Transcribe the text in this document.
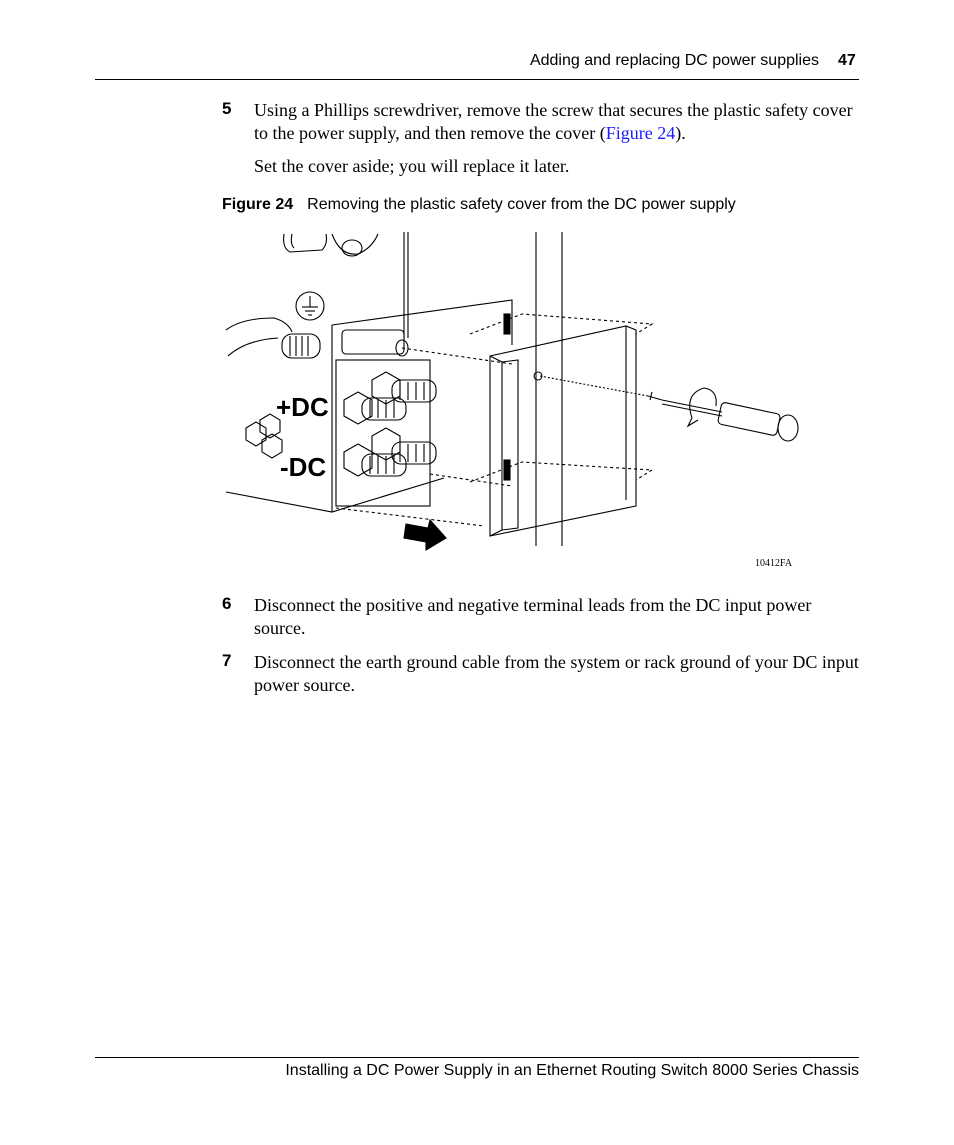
Adding and replacing DC power supplies 47
5 Using a Phillips screwdriver, remove the screw that secures the plastic safety cover to the power supply, and then remove the cover (Figure 24).
Set the cover aside; you will replace it later.
Figure 24 Removing the plastic safety cover from the DC power supply
+DC
-DC
10412FA
6 Disconnect the positive and negative terminal leads from the DC input power source.
7 Disconnect the earth ground cable from the system or rack ground of your DC input power source.
Installing a DC Power Supply in an Ethernet Routing Switch 8000 Series Chassis
